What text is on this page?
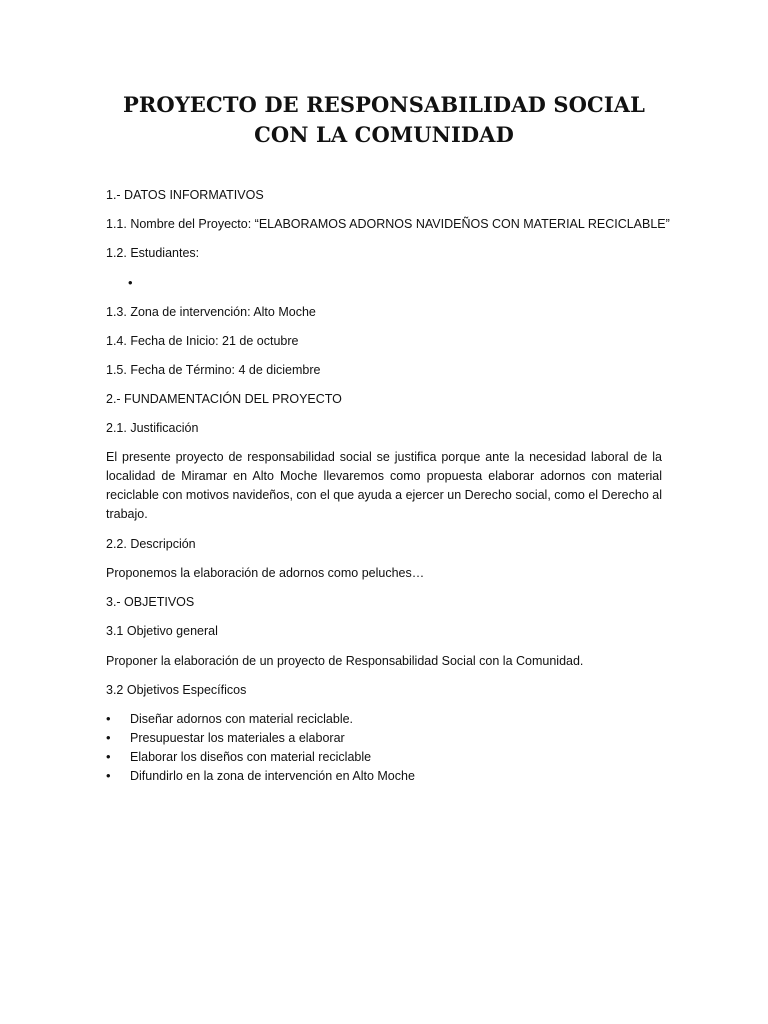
PROYECTO DE RESPONSABILIDAD SOCIAL
CON LA COMUNIDAD
1.- DATOS INFORMATIVOS
1.1. Nombre del Proyecto: “ELABORAMOS ADORNOS NAVIDEÑOS CON MATERIAL RECICLABLE”
1.2. Estudiantes:
•
1.3. Zona de intervención: Alto Moche
1.4. Fecha de Inicio: 21 de octubre
1.5. Fecha de Término: 4 de diciembre
2.- FUNDAMENTACIÓN DEL PROYECTO
2.1. Justificación
El presente proyecto de responsabilidad social se justifica porque ante la necesidad laboral de la localidad de Miramar en Alto Moche llevaremos como propuesta elaborar adornos con material reciclable con motivos navideños, con el que ayuda a ejercer un Derecho social, como el Derecho al trabajo.
2.2. Descripción
Proponemos la elaboración de adornos como peluches…
3.- OBJETIVOS
3.1 Objetivo general
Proponer la elaboración de un proyecto de Responsabilidad Social con la Comunidad.
3.2 Objetivos Específicos
• Diseñar adornos con material reciclable.
• Presupuestar los materiales a elaborar
• Elaborar los diseños con material reciclable
• Difundirlo en la zona de intervención en Alto Moche
